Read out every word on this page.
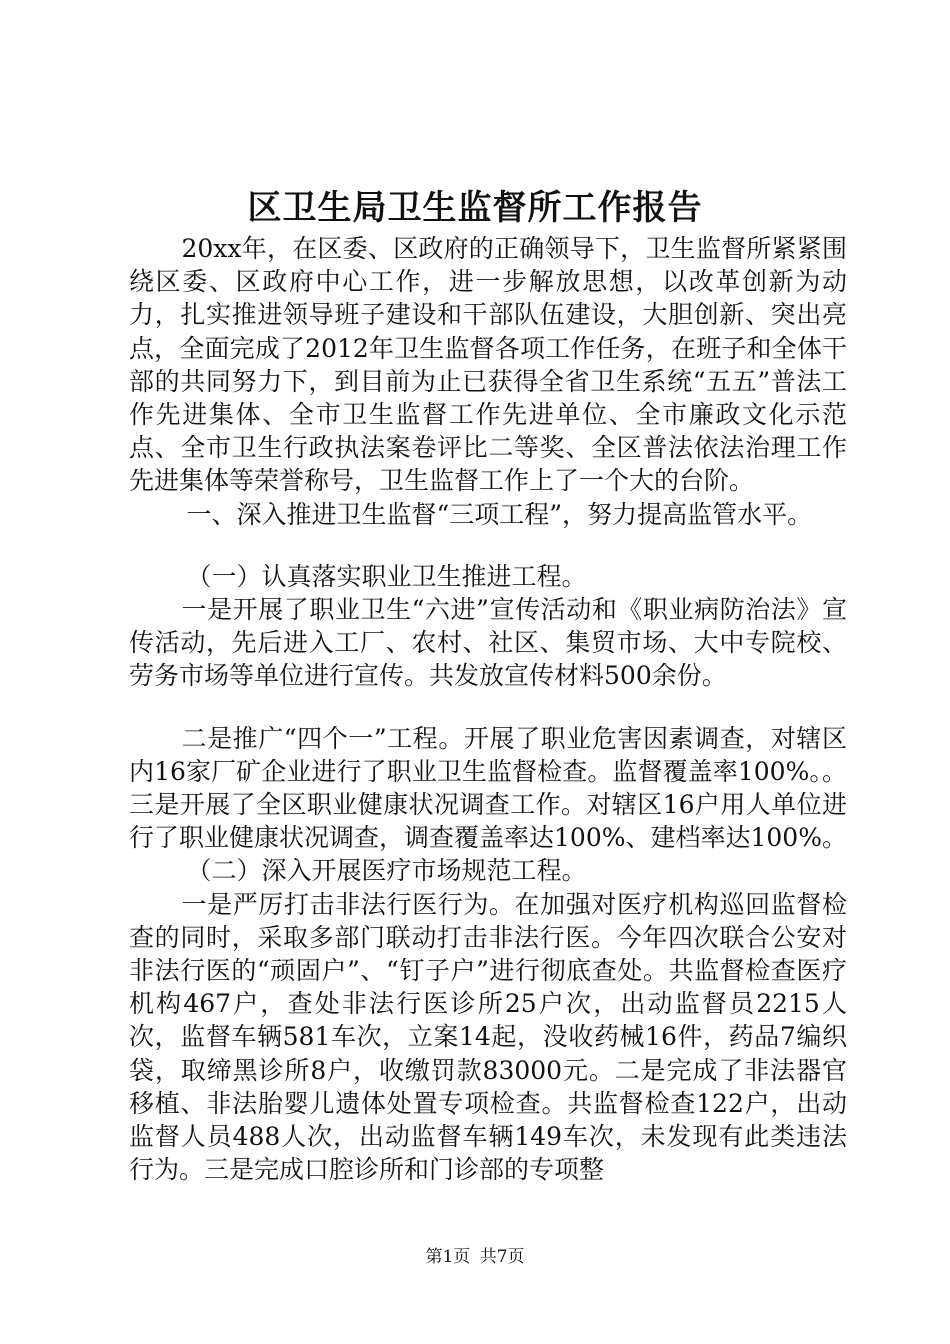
区卫生局卫生监督所工作报告

20xx年，在区委、区政府的正确领导下，卫生监督所紧紧围绕区委、区政府中心工作，进一步解放思想，以改革创新为动力，扎实推进领导班子建设和干部队伍建设，大胆创新、突出亮点，全面完成了2012年卫生监督各项工作任务，在班子和全体干部的共同努力下，到目前为止已获得全省卫生系统“五五”普法工作先进集体、全市卫生监督工作先进单位、全市廉政文化示范点、全市卫生行政执法案卷评比二等奖、全区普法依法治理工作先进集体等荣誉称号，卫生监督工作上了一个大的台阶。

一、深入推进卫生监督“三项工程”，努力提高监管水平。

（一）认真落实职业卫生推进工程。

一是开展了职业卫生“六进”宣传活动和《职业病防治法》宣传活动，先后进入工厂、农村、社区、集贸市场、大中专院校、劳务市场等单位进行宣传。共发放宣传材料500余份。

二是推广“四个一”工程。开展了职业危害因素调查，对辖区内16家厂矿企业进行了职业卫生监督检查。监督覆盖率100%。。三是开展了全区职业健康状况调查工作。对辖区16户用人单位进行了职业健康状况调查，调查覆盖率达100%、建档率达100%。

（二）深入开展医疗市场规范工程。

一是严厉打击非法行医行为。在加强对医疗机构巡回监督检查的同时，采取多部门联动打击非法行医。今年四次联合公安对非法行医的“顽固户”、“钉子户”进行彻底查处。共监督检查医疗机构467户，查处非法行医诊所25户次，出动监督员2215人次，监督车辆581车次，立案14起，没收药械16件，药品7编织袋，取缔黑诊所8户，收缴罚款83000元。二是完成了非法器官移植、非法胎婴儿遗体处置专项检查。共监督检查122户，出动监督人员488人次，出动监督车辆149车次，未发现有此类违法行为。三是完成口腔诊所和门诊部的专项整

第1页 共7页
